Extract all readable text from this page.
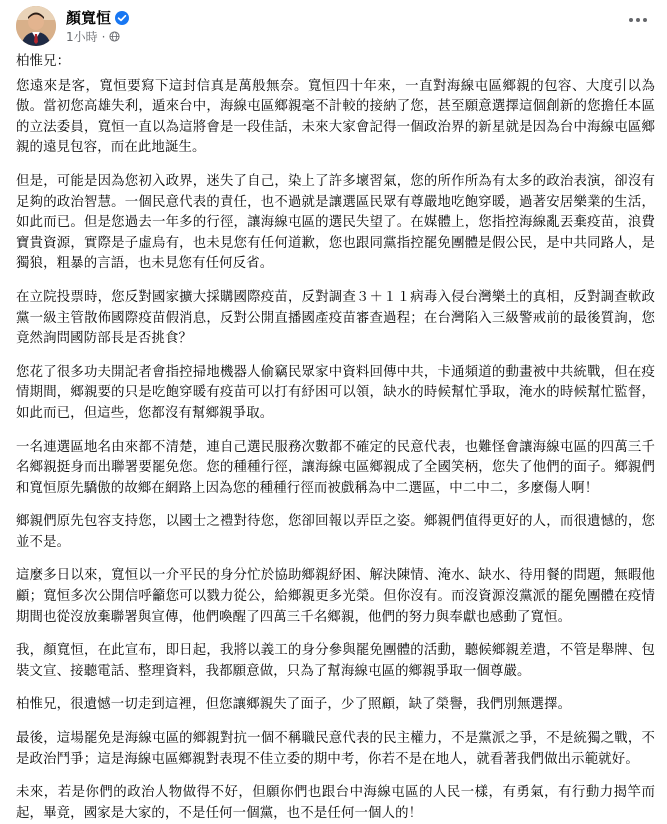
顏寬恒
1小時 ·

柏惟兄：

您遠來是客，寬恒要寫下這封信真是萬般無奈。寬恒四十年來，一直對海線屯區鄉親的包容、大度引以為傲。當初您高雄失利，遁來台中，海線屯區鄉親毫不計較的接納了您，甚至願意選擇這個創新的您擔任本區的立法委員，寬恒一直以為這將會是一段佳話，未來大家會記得一個政治界的新星就是因為台中海線屯區鄉親的遠見包容，而在此地誕生。

但是，可能是因為您初入政界，迷失了自己，染上了許多壞習氣，您的所作所為有太多的政治表演，卻沒有足夠的政治智慧。一個民意代表的責任，也不過就是讓選區民眾有尊嚴地吃飽穿暖，過著安居樂業的生活，如此而已。但是您過去一年多的行徑，讓海線屯區的選民失望了。在媒體上，您指控海線亂丟棄疫苗，浪費寶貴資源，實際是子虛烏有，也未見您有任何道歉，您也跟同黨指控罷免團體是假公民，是中共同路人，是獨狼，粗暴的言語，也未見您有任何反省。

在立院投票時，您反對國家擴大採購國際疫苗，反對調查３＋１１病毒入侵台灣樂土的真相，反對調查軟政黨一級主管散佈國際疫苗假消息，反對公開直播國產疫苗審查過程；在台灣陷入三級警戒前的最後質詢，您竟然詢問國防部長是否挑食？

您花了很多功夫開記者會指控掃地機器人偷竊民眾家中資料回傳中共，卡通頻道的動畫被中共統戰，但在疫情期間，鄉親要的只是吃飽穿暖有疫苗可以打有紓困可以領，缺水的時候幫忙爭取，淹水的時候幫忙監督，如此而已，但這些，您都沒有幫鄉親爭取。

一名連選區地名由來都不清楚，連自己選民服務次數都不確定的民意代表，也難怪會讓海線屯區的四萬三千名鄉親挺身而出聯署要罷免您。您的種種行徑，讓海線屯區鄉親成了全國笑柄，您失了他們的面子。鄉親們和寬恒原先驕傲的故鄉在網路上因為您的種種行徑而被戲稱為中二選區，中二中二，多麼傷人啊！

鄉親們原先包容支持您，以國士之禮對待您，您卻回報以弄臣之姿。鄉親們值得更好的人，而很遺憾的，您並不是。

這麼多日以來，寬恒以一介平民的身分忙於協助鄉親紓困、解決陳情、淹水、缺水、待用餐的問題，無暇他顧；寬恒多次公開信呼籲您可以戮力從公，給鄉親更多光榮。但你沒有。而沒資源沒黨派的罷免團體在疫情期間也從沒放棄聯署與宣傳，他們喚醒了四萬三千名鄉親，他們的努力與奉獻也感動了寬恒。

我，顏寬恒，在此宣布，即日起，我將以義工的身分參與罷免團體的活動，聽候鄉親差遣，不管是舉牌、包裝文宣、接聽電話、整理資料，我都願意做，只為了幫海線屯區的鄉親爭取一個尊嚴。

柏惟兄，很遺憾一切走到這裡，但您讓鄉親失了面子，少了照顧，缺了榮譽，我們別無選擇。

最後，這場罷免是海線屯區的鄉親對抗一個不稱職民意代表的民主權力，不是黨派之爭，不是統獨之戰，不是政治鬥爭；這是海線屯區鄉親對表現不佳立委的期中考，你若不是在地人，就看著我們做出示範就好。

未來，若是你們的政治人物做得不好，但願你們也跟台中海線屯區的人民一樣，有勇氣，有行動力揭竿而起，畢竟，國家是大家的，不是任何一個黨，也不是任何一個人的！
